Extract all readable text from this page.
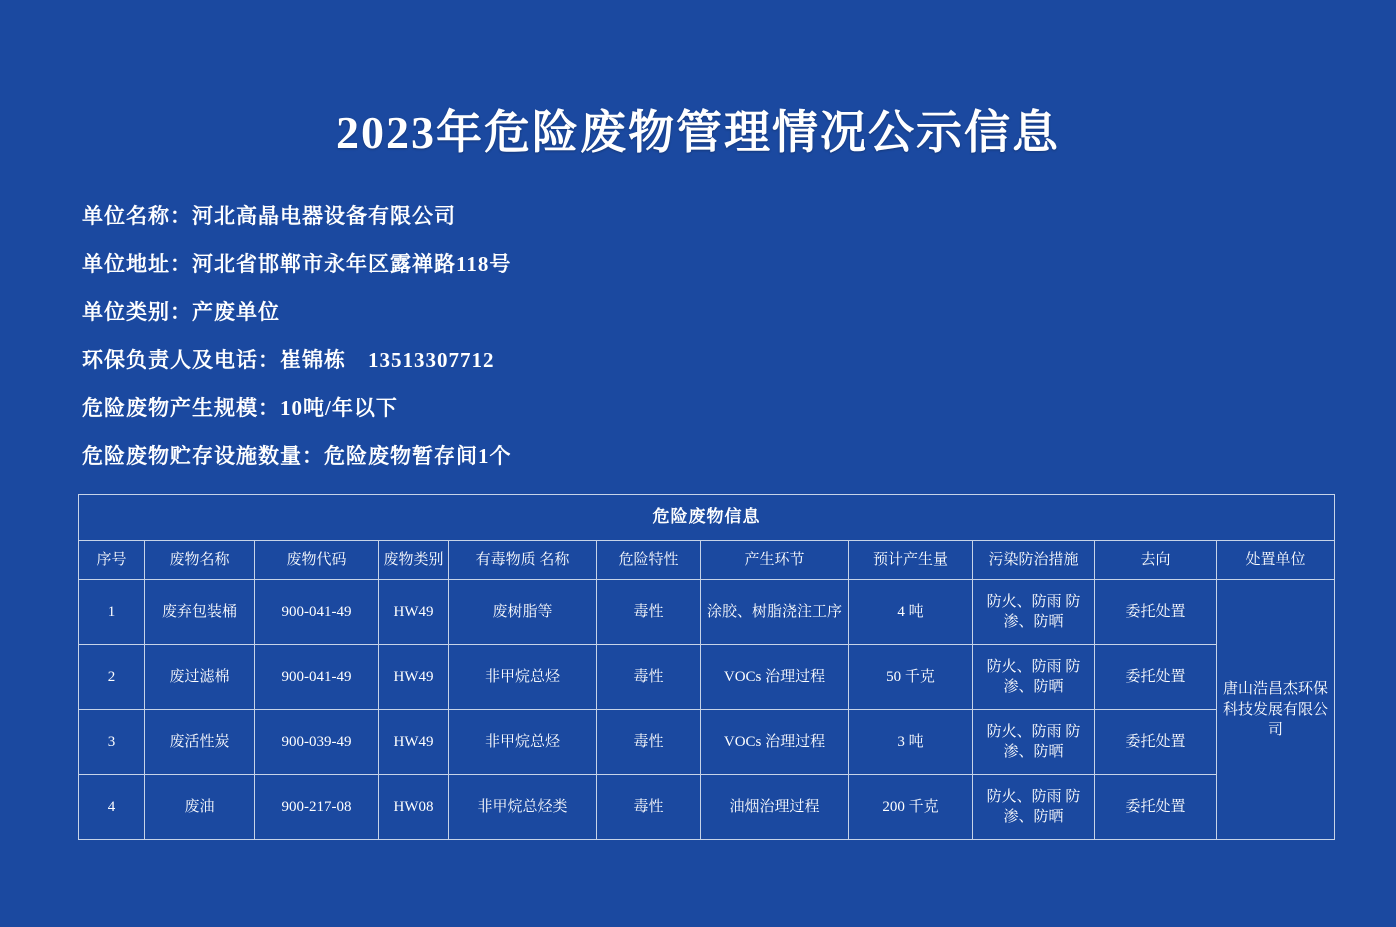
2023年危险废物管理情况公示信息
单位名称：河北高晶电器设备有限公司
单位地址：河北省邯郸市永年区露禅路118号
单位类别：产废单位
环保负责人及电话：崔锦栋　13513307712
危险废物产生规模：10吨/年以下
危险废物贮存设施数量：危险废物暂存间1个
危险废物信息										
序号	废物名称	废物代码	废物类别	有毒物质 名称	危险特性	产生环节	预计产生量	污染防治措施	去向	处置单位
1	废弃包装桶	900-041-49	HW49	废树脂等	毒性	涂胶、树脂浇注工序	4 吨	防火、防雨 防渗、防晒	委托处置	唐山浩昌杰环保科技发展有限公司
2	废过滤棉	900-041-49	HW49	非甲烷总烃	毒性	VOCs 治理过程	50 千克	防火、防雨 防渗、防晒	委托处置	
3	废活性炭	900-039-49	HW49	非甲烷总烃	毒性	VOCs 治理过程	3 吨	防火、防雨 防渗、防晒	委托处置	
4	废油	900-217-08	HW08	非甲烷总烃类	毒性	油烟治理过程	200 千克	防火、防雨 防渗、防晒	委托处置	
